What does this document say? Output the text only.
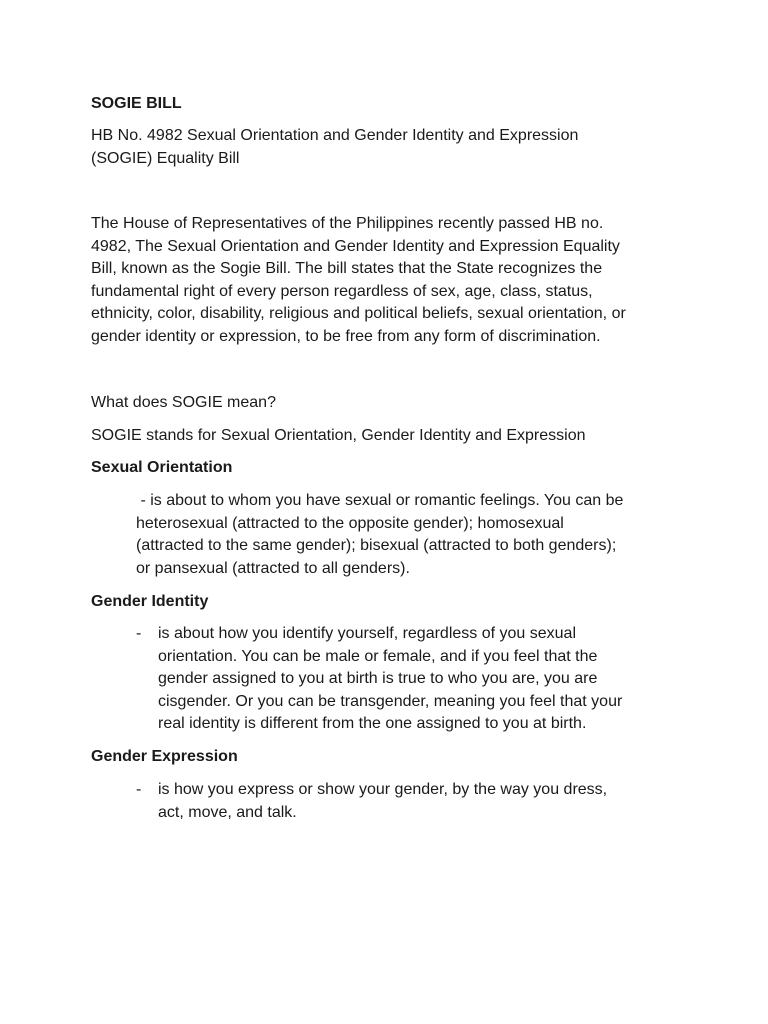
SOGIE BILL

HB No. 4982 Sexual Orientation and Gender Identity and Expression
(SOGIE) Equality Bill
The House of Representatives of the Philippines recently passed HB no.
4982, The Sexual Orientation and Gender Identity and Expression Equality
Bill, known as the Sogie Bill. The bill states that the State recognizes the
fundamental right of every person regardless of sex, age, class, status,
ethnicity, color, disability, religious and political beliefs, sexual orientation, or
gender identity or expression, to be free from any form of discrimination.

What does SOGIE mean?

SOGIE stands for Sexual Orientation, Gender Identity and Expression

Sexual Orientation

- is about to whom you have sexual or romantic feelings. You can be
heterosexual (attracted to the opposite gender); homosexual
(attracted to the same gender); bisexual (attracted to both genders);
or pansexual (attracted to all genders).

Gender Identity

- is about how you identify yourself, regardless of you sexual
orientation. You can be male or female, and if you feel that the
gender assigned to you at birth is true to who you are, you are
cisgender. Or you can be transgender, meaning you feel that your
real identity is different from the one assigned to you at birth.

Gender Expression

- is how you express or show your gender, by the way you dress,
act, move, and talk.
